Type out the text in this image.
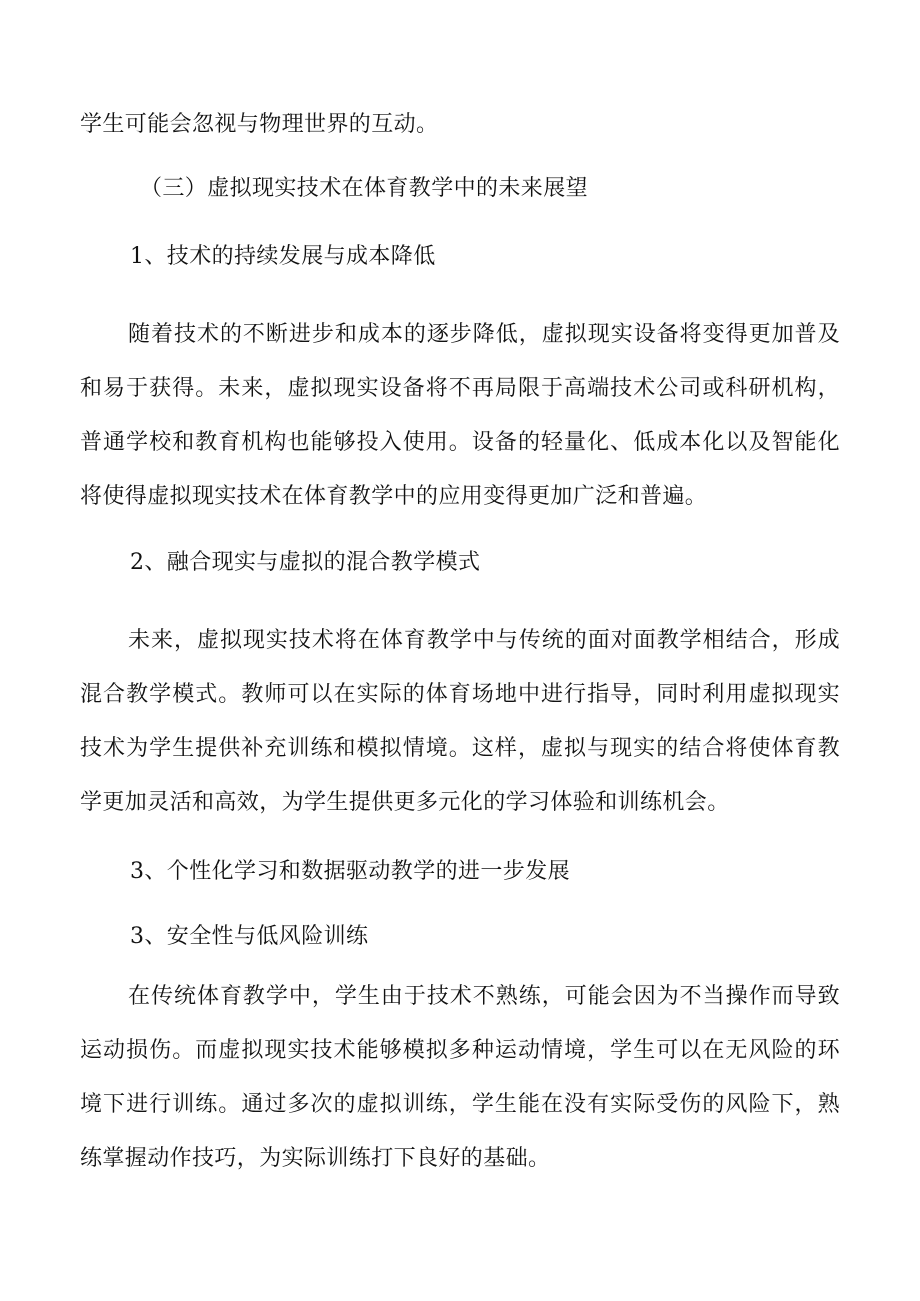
学生可能会忽视与物理世界的互动。
（三）虚拟现实技术在体育教学中的未来展望
1、技术的持续发展与成本降低
随着技术的不断进步和成本的逐步降低，虚拟现实设备将变得更加普及
和易于获得。未来，虚拟现实设备将不再局限于高端技术公司或科研机构，
普通学校和教育机构也能够投入使用。设备的轻量化、低成本化以及智能化
将使得虚拟现实技术在体育教学中的应用变得更加广泛和普遍。
2、融合现实与虚拟的混合教学模式
未来，虚拟现实技术将在体育教学中与传统的面对面教学相结合，形成
混合教学模式。教师可以在实际的体育场地中进行指导，同时利用虚拟现实
技术为学生提供补充训练和模拟情境。这样，虚拟与现实的结合将使体育教
学更加灵活和高效，为学生提供更多元化的学习体验和训练机会。
3、个性化学习和数据驱动教学的进一步发展
3、安全性与低风险训练
在传统体育教学中，学生由于技术不熟练，可能会因为不当操作而导致
运动损伤。而虚拟现实技术能够模拟多种运动情境，学生可以在无风险的环
境下进行训练。通过多次的虚拟训练，学生能在没有实际受伤的风险下，熟
练掌握动作技巧，为实际训练打下良好的基础。
